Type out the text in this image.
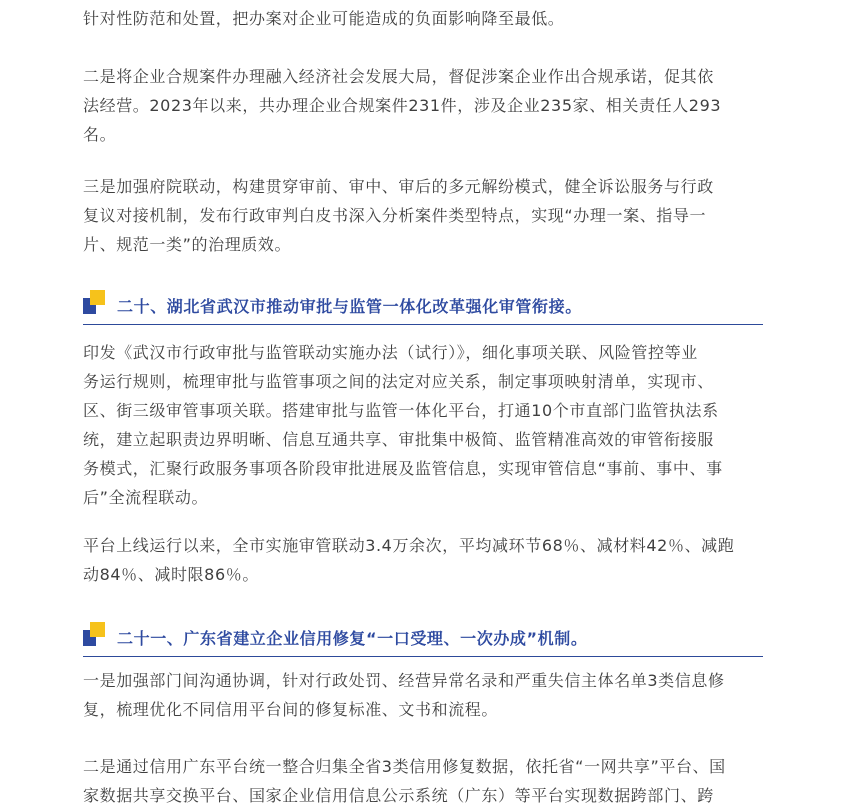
针对性防范和处置，把办案对企业可能造成的负面影响降至最低。

二是将企业合规案件办理融入经济社会发展大局，督促涉案企业作出合规承诺，促其依

法经营。2023年以来，共办理企业合规案件231件，涉及企业235家、相关责任人293

名。

三是加强府院联动，构建贯穿审前、审中、审后的多元解纷模式，健全诉讼服务与行政

复议对接机制，发布行政审判白皮书深入分析案件类型特点，实现“办理一案、指导一

片、规范一类”的治理质效。

二十、湖北省武汉市推动审批与监管一体化改革强化审管衔接。

印发《武汉市行政审批与监管联动实施办法（试行）》，细化事项关联、风险管控等业

务运行规则，梳理审批与监管事项之间的法定对应关系，制定事项映射清单，实现市、

区、街三级审管事项关联。搭建审批与监管一体化平台，打通10个市直部门监管执法系

统，建立起职责边界明晰、信息互通共享、审批集中极简、监管精准高效的审管衔接服

务模式，汇聚行政服务事项各阶段审批进展及监管信息，实现审管信息“事前、事中、事

后”全流程联动。

平台上线运行以来，全市实施审管联动3.4万余次，平均减环节68％、减材料42％、减跑

动84％、减时限86％。

二十一、广东省建立企业信用修复“一口受理、一次办成”机制。

一是加强部门间沟通协调，针对行政处罚、经营异常名录和严重失信主体名单3类信息修

复，梳理优化不同信用平台间的修复标准、文书和流程。

二是通过信用广东平台统一整合归集全省3类信用修复数据，依托省“一网共享”平台、国

家数据共享交换平台、国家企业信用信息公示系统（广东）等平台实现数据跨部门、跨
